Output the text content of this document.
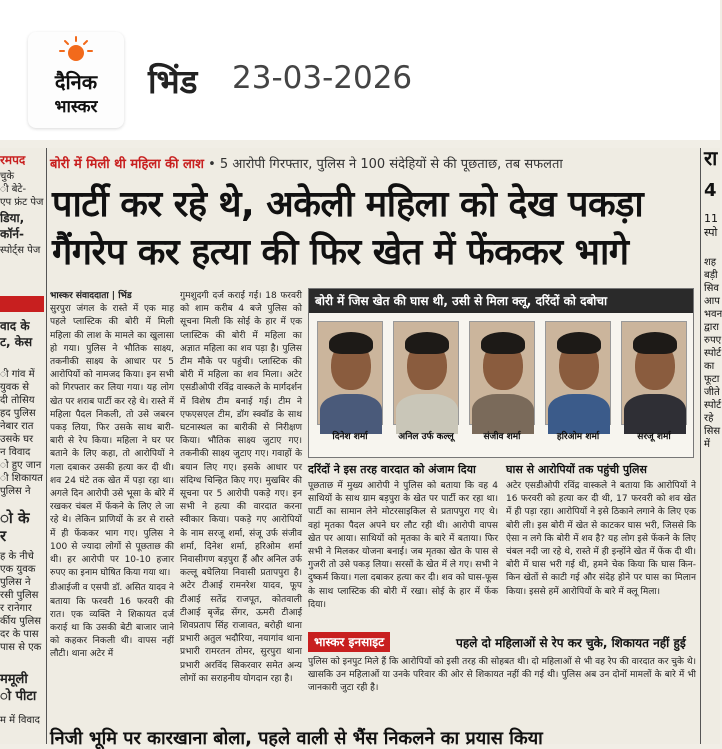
दैनिक
भास्कर
भिंड 23-03-2026
रमपद
चुके
ी बेटे-
एप फ्रंट पेज
डिया,
कॉर्न-
स्पोर्ट्स पेज
वाद के
ट, केस
ी गांव में
युवक से
दी तोसिय
हद पुलिस
नेबार रात
उसके घर
न विवाद
ो हुए जान
ी शिकायत
पुलिस ने
ो के
र
ह के नीचे
एक युवक
पुलिस ने
रसी पुलिस
र रानेगार
र्कीय पुलिस
दर के पास
पास से एक
ममूली
ो पीटा
म में विवाद
रा
4
11
स्पो
शह
बड़ी
सिव
आप
भवन
द्वारा
रुपए
स्पोर्ट
का
फूटा
जीते
स्पोर्ट
रहे
सिस
में
बोरी में मिली थी महिला की लाश • 5 आरोपी गिरफ्तार, पुलिस ने 100 संदेहियों से की पूछताछ, तब सफलता
पार्टी कर रहे थे, अकेली महिला को देख पकड़ा
गैंगरेप कर हत्या की फिर खेत में फेंककर भागे
भास्कर संवाददाता | भिंड
सुरपुरा जंगल के रास्ते में एक माह पहले प्लास्टिक की बोरी में मिली महिला की लाश के मामले का खुलासा हो गया। पुलिस ने भौतिक साक्ष्य, तकनीकी साक्ष्य के आधार पर 5 आरोपियों को नामजद किया। इन सभी को गिरफ्तार कर लिया गया। यह लोग खेत पर शराब पार्टी कर रहे थे। रास्ते में महिला पैदल निकली, तो उसे जबरन पकड़ लिया, फिर उसके साथ बारी-बारी से रेप किया। महिला ने घर पर बताने के लिए कहा, तो आरोपियों ने गला दबाकर उसकी हत्या कर दी थी। शव 24 घंटे तक खेत में पड़ा रहा था। अगले दिन आरोपी उसे भूसा के बोरे में रखकर चंबल में फेंकने के लिए ले जा रहे थे। लेकिन प्राणियों के डर से रास्ते में ही फेंककर भाग गए। पुलिस ने 100 से ज्यादा लोगों से पूछताछ की थी। हर आरोपी पर 10-10 हजार रुपए का इनाम घोषित किया गया था।
डीआईजी व एसपी डॉ. असित यादव ने बताया कि फरवरी 16 फरवरी की रात। एक व्यक्ति ने शिकायत दर्ज कराई था कि उसकी बेटी बाजार जाने को कहकर निकली थी। वापस नहीं लौटी। थाना अटेर में
गुमशुदगी दर्ज कराई गई। 18 फरवरी को शाम करीब 4 बजे पुलिस को सूचना मिली कि सोई के हार में एक प्लास्टिक की बोरी में महिला का अज्ञात महिला का शव पड़ा है। पुलिस टीम मौके पर पहुंची। प्लास्टिक की बोरी में महिला का शव मिला। अटेर एसडीओपी रविंद्र वास्कले के मार्गदर्शन में विशेष टीम बनाई गई। टीम ने एफएसएल टीम, डॉग स्क्वॉड के साथ घटनास्थल का बारीकी से निरीक्षण किया। भौतिक साक्ष्य जुटाए गए। तकनीकी साक्ष्य जुटाए गए। गवाहों के बयान लिए गए। इसके आधार पर संदिग्ध चिन्हित किए गए। मुखबिर की सूचना पर 5 आरोपी पकड़े गए। इन सभी ने हत्या की वारदात करना स्वीकार किया। पकड़े गए आरोपियों के नाम सरजू शर्मा, संजू उर्फ संजीव शर्मा, दिनेश शर्मा, हरिओम शर्मा निवासीगण बड़पुरा हैं और अनिल उर्फ कल्लू बघेलिया निवासी प्रतापपुरा है। अटेर टीआई रामनरेश यादव, फूप टीआई सतेंद्र राजपूत, कोतवाली टीआई बृजेंद्र सेंगर, ऊमरी टीआई शिवप्रताप सिंह राजावत, बरोही थाना प्रभारी अतुल भदौरिया, नयागांव थाना प्रभारी रामरतन तोमर, सुरपुरा थाना प्रभारी अरविंद सिकरवार समेत अन्य लोगों का सराहनीय योगदान रहा है।
बोरी में जिस खेत की घास थी, उसी से मिला क्लू, दरिंदों को दबोचा
दिनेश शर्मा	अनिल उर्फ कल्लू	संजीव शर्मा	हरिओम शर्मा	सरजू शर्मा
दरिंदों ने इस तरह वारदात को अंजाम दिया
पूछताछ में मुख्य आरोपी ने पुलिस को बताया कि वह 4 साथियों के साथ ग्राम बड़पुरा के खेत पर पार्टी कर रहा था। पार्टी का सामान लेने मोटरसाइकिल से प्रतापपुरा गए थे। वहां मृतका पैदल अपने घर लौट रही थी। आरोपी वापस खेत पर आया। साथियों को मृतका के बारे में बताया। फिर सभी ने मिलकर योजना बनाई। जब मृतका खेत के पास से गुजरी तो उसे पकड़ लिया। सरसों के खेत में ले गए। सभी ने दुष्कर्म किया। गला दबाकर हत्या कर दी। शव को घास-फूस के साथ प्लास्टिक की बोरी में रखा। सोई के हार में फेंक दिया।
घास से आरोपियों तक पहुंची पुलिस
अटेर एसडीओपी रविंद्र वास्कले ने बताया कि आरोपियों ने 16 फरवरी को हत्या कर दी थी, 17 फरवरी को शव खेत में ही पड़ा रहा। आरोपियों ने इसे ठिकाने लगाने के लिए एक बोरी ली। इस बोरी में खेत से काटकर घास भरी, जिससे कि ऐसा न लगे कि बोरी में शव है? यह लोग इसे फेंकने के लिए चंबल नदी जा रहे थे, रास्ते में ही इन्होंने खेत में फेंक दी थी। बोरी में घास भरी गई थी, हमने चेक किया कि घास किन-किन खेतों से काटी गई और संदेह होने पर घास का मिलान किया। इससे हमें आरोपियों के बारे में क्लू मिला।
भास्कर इनसाइट	पहले दो महिलाओं से रेप कर चुके, शिकायत नहीं हुई
पुलिस को इनपुट मिले हैं कि आरोपियों को इसी तरह की सोहबत थी। दो महिलाओं से भी वह रेप की वारदात कर चुके थे। खासकि उन महिलाओं या उनके परिवार की ओर से शिकायत नहीं की गई थी। पुलिस अब उन दोनों मामलों के बारे में भी जानकारी जुटा रही है।
निजी भूमि पर कारखाना बोला, पहले वाली से भैंस निकलने का प्रयास किया
